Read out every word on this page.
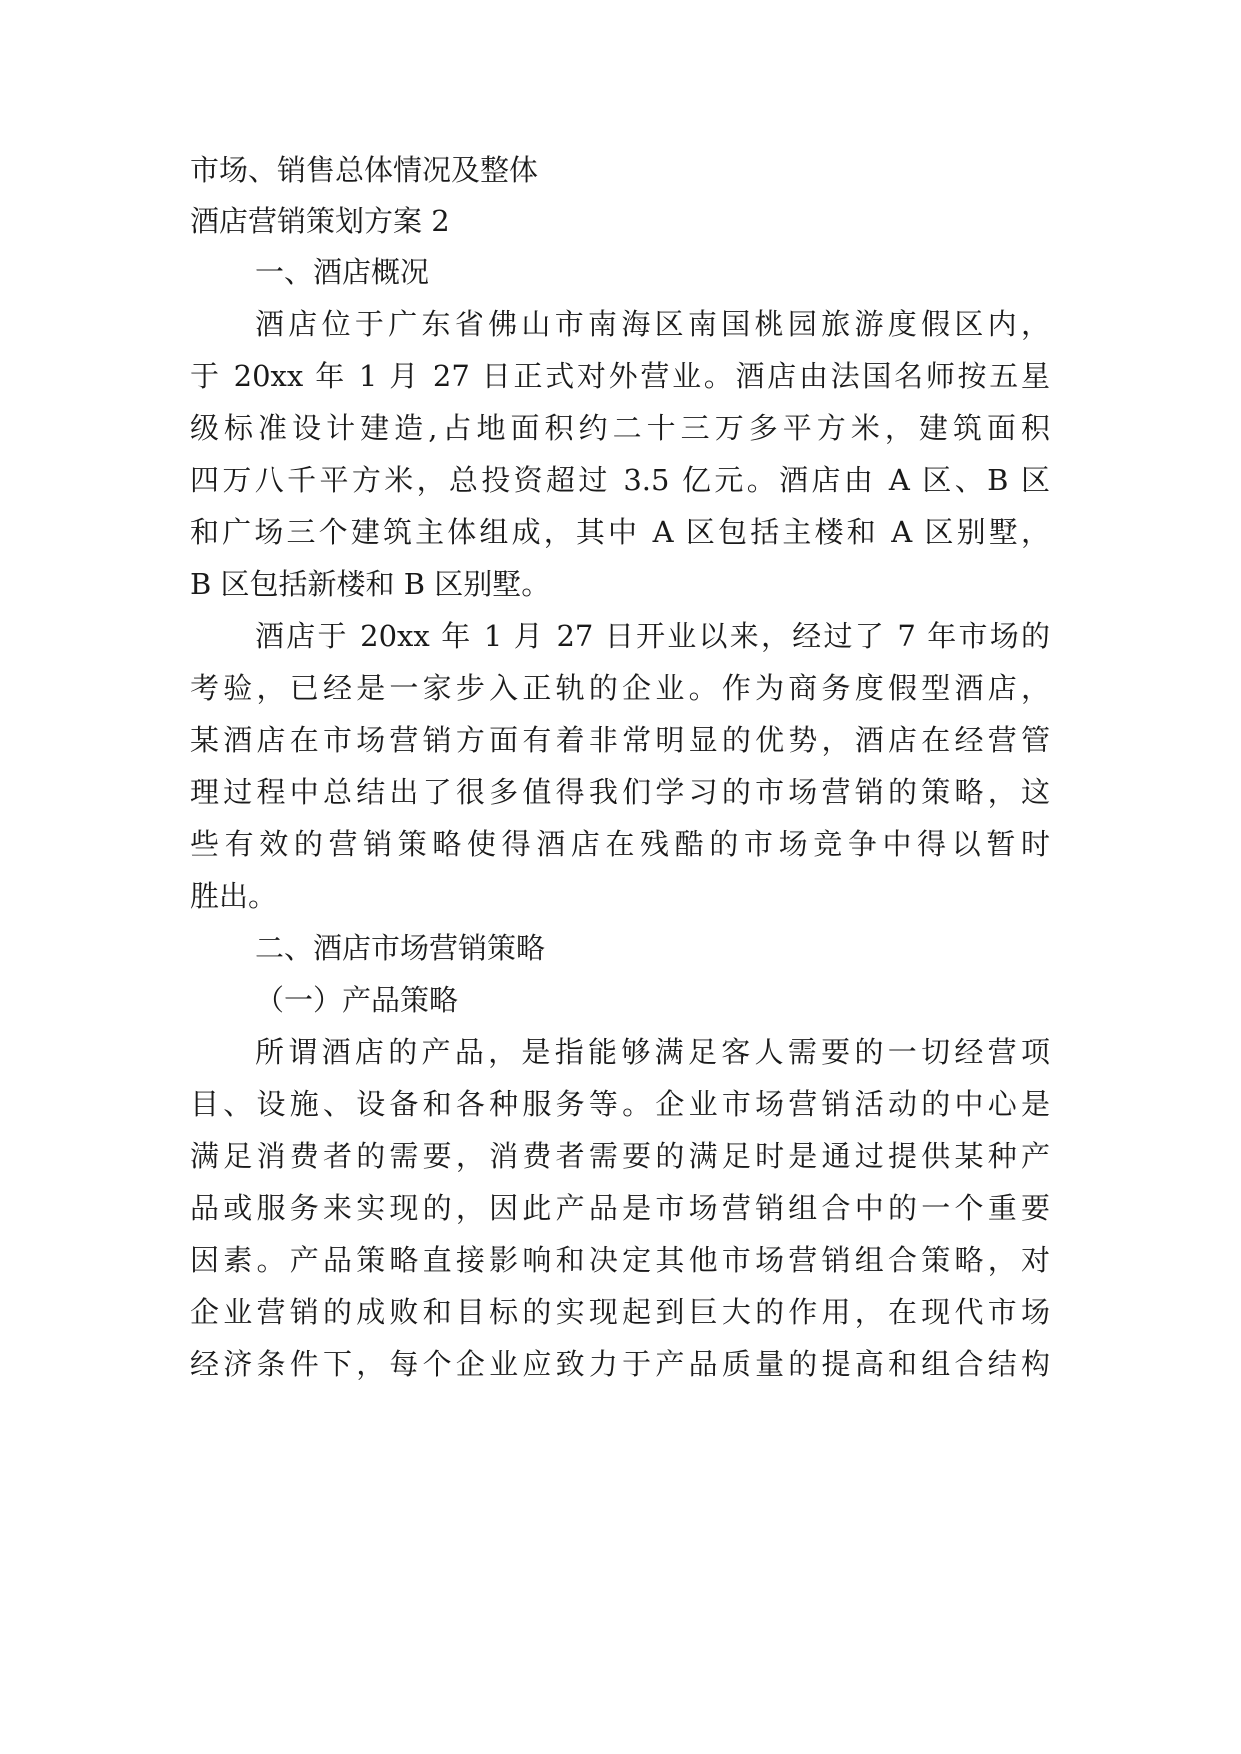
市场、销售总体情况及整体
酒店营销策划方案 2
一、酒店概况
酒店位于广东省佛山市南海区南国桃园旅游度假区内，
于 20xx 年 1 月 27 日正式对外营业。酒店由法国名师按五星
级标准设计建造,占地面积约二十三万多平方米，建筑面积
四万八千平方米，总投资超过 3.5 亿元。酒店由 A 区、B 区
和广场三个建筑主体组成，其中 A 区包括主楼和 A 区别墅，
B 区包括新楼和 B 区别墅。
酒店于 20xx 年 1 月 27 日开业以来，经过了 7 年市场的
考验，已经是一家步入正轨的企业。作为商务度假型酒店，
某酒店在市场营销方面有着非常明显的优势，酒店在经营管
理过程中总结出了很多值得我们学习的市场营销的策略，这
些有效的营销策略使得酒店在残酷的市场竞争中得以暂时
胜出。
二、酒店市场营销策略
（一）产品策略
所谓酒店的产品，是指能够满足客人需要的一切经营项
目、设施、设备和各种服务等。企业市场营销活动的中心是
满足消费者的需要，消费者需要的满足时是通过提供某种产
品或服务来实现的，因此产品是市场营销组合中的一个重要
因素。产品策略直接影响和决定其他市场营销组合策略，对
企业营销的成败和目标的实现起到巨大的作用，在现代市场
经济条件下，每个企业应致力于产品质量的提高和组合结构
